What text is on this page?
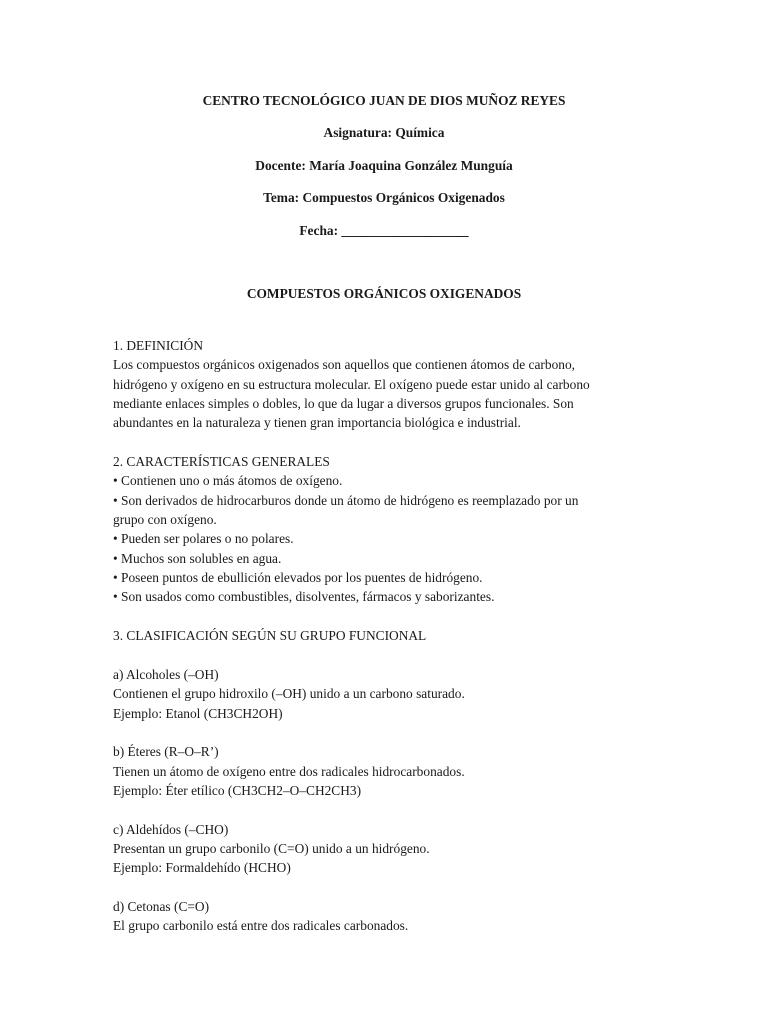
CENTRO TECNOLÓGICO JUAN DE DIOS MUÑOZ REYES

Asignatura: Química

Docente: María Joaquina González Munguía

Tema: Compuestos Orgánicos Oxigenados

Fecha: ___________________

COMPUESTOS ORGÁNICOS OXIGENADOS

1. DEFINICIÓN

Los compuestos orgánicos oxigenados son aquellos que contienen átomos de carbono,

hidrógeno y oxígeno en su estructura molecular. El oxígeno puede estar unido al carbono

mediante enlaces simples o dobles, lo que da lugar a diversos grupos funcionales. Son

abundantes en la naturaleza y tienen gran importancia biológica e industrial.

2. CARACTERÍSTICAS GENERALES

• Contienen uno o más átomos de oxígeno.

• Son derivados de hidrocarburos donde un átomo de hidrógeno es reemplazado por un

grupo con oxígeno.

• Pueden ser polares o no polares.

• Muchos son solubles en agua.

• Poseen puntos de ebullición elevados por los puentes de hidrógeno.

• Son usados como combustibles, disolventes, fármacos y saborizantes.

3. CLASIFICACIÓN SEGÚN SU GRUPO FUNCIONAL

a) Alcoholes (–OH)

Contienen el grupo hidroxilo (–OH) unido a un carbono saturado.

Ejemplo: Etanol (CH3CH2OH)

b) Éteres (R–O–R’)

Tienen un átomo de oxígeno entre dos radicales hidrocarbonados.

Ejemplo: Éter etílico (CH3CH2–O–CH2CH3)

c) Aldehídos (–CHO)

Presentan un grupo carbonilo (C=O) unido a un hidrógeno.

Ejemplo: Formaldehído (HCHO)

d) Cetonas (C=O)

El grupo carbonilo está entre dos radicales carbonados.
